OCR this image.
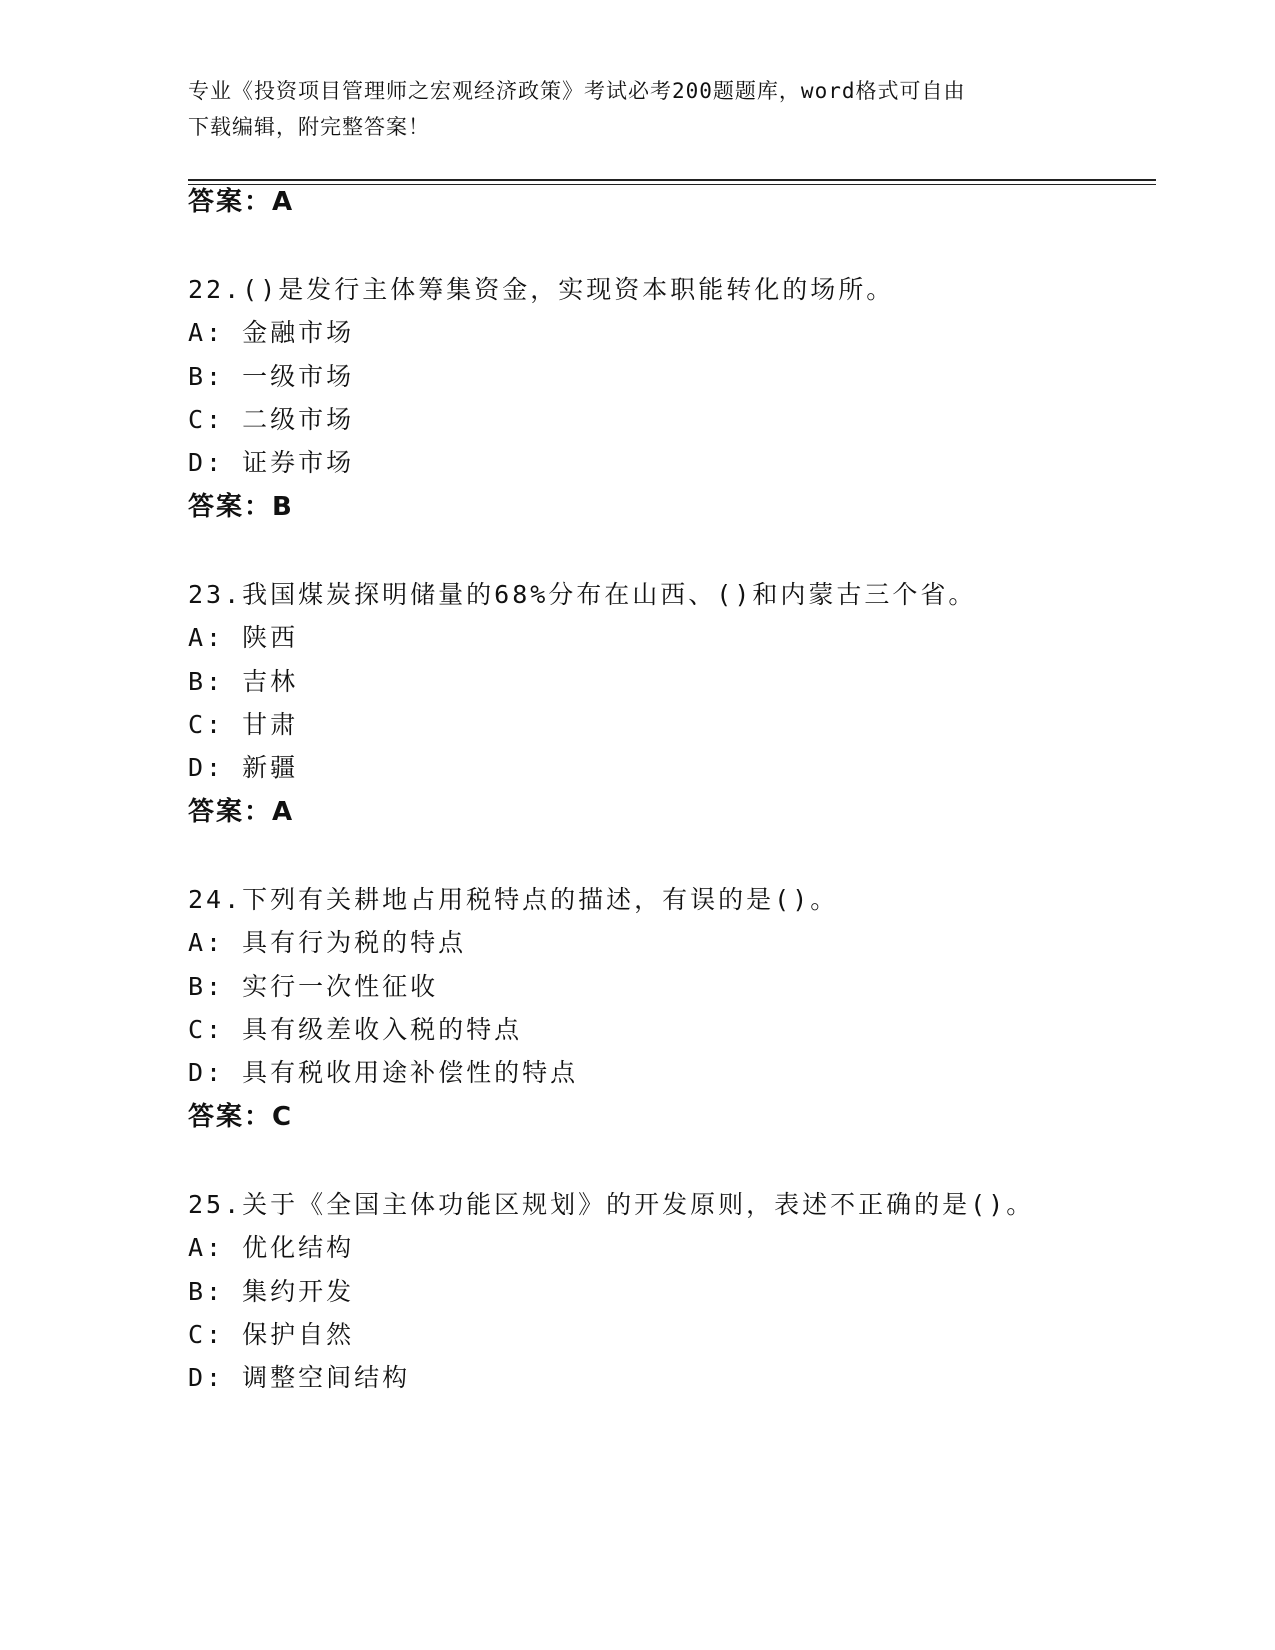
专业《投资项目管理师之宏观经济政策》考试必考200题题库，word格式可自由
下载编辑，附完整答案！
答案：A
22.()是发行主体筹集资金，实现资本职能转化的场所。
A: 金融市场
B: 一级市场
C: 二级市场
D: 证券市场
答案：B
23.我国煤炭探明储量的68%分布在山西、()和内蒙古三个省。
A: 陕西
B: 吉林
C: 甘肃
D: 新疆
答案：A
24.下列有关耕地占用税特点的描述，有误的是()。
A: 具有行为税的特点
B: 实行一次性征收
C: 具有级差收入税的特点
D: 具有税收用途补偿性的特点
答案：C
25.关于《全国主体功能区规划》的开发原则，表述不正确的是()。
A: 优化结构
B: 集约开发
C: 保护自然
D: 调整空间结构
